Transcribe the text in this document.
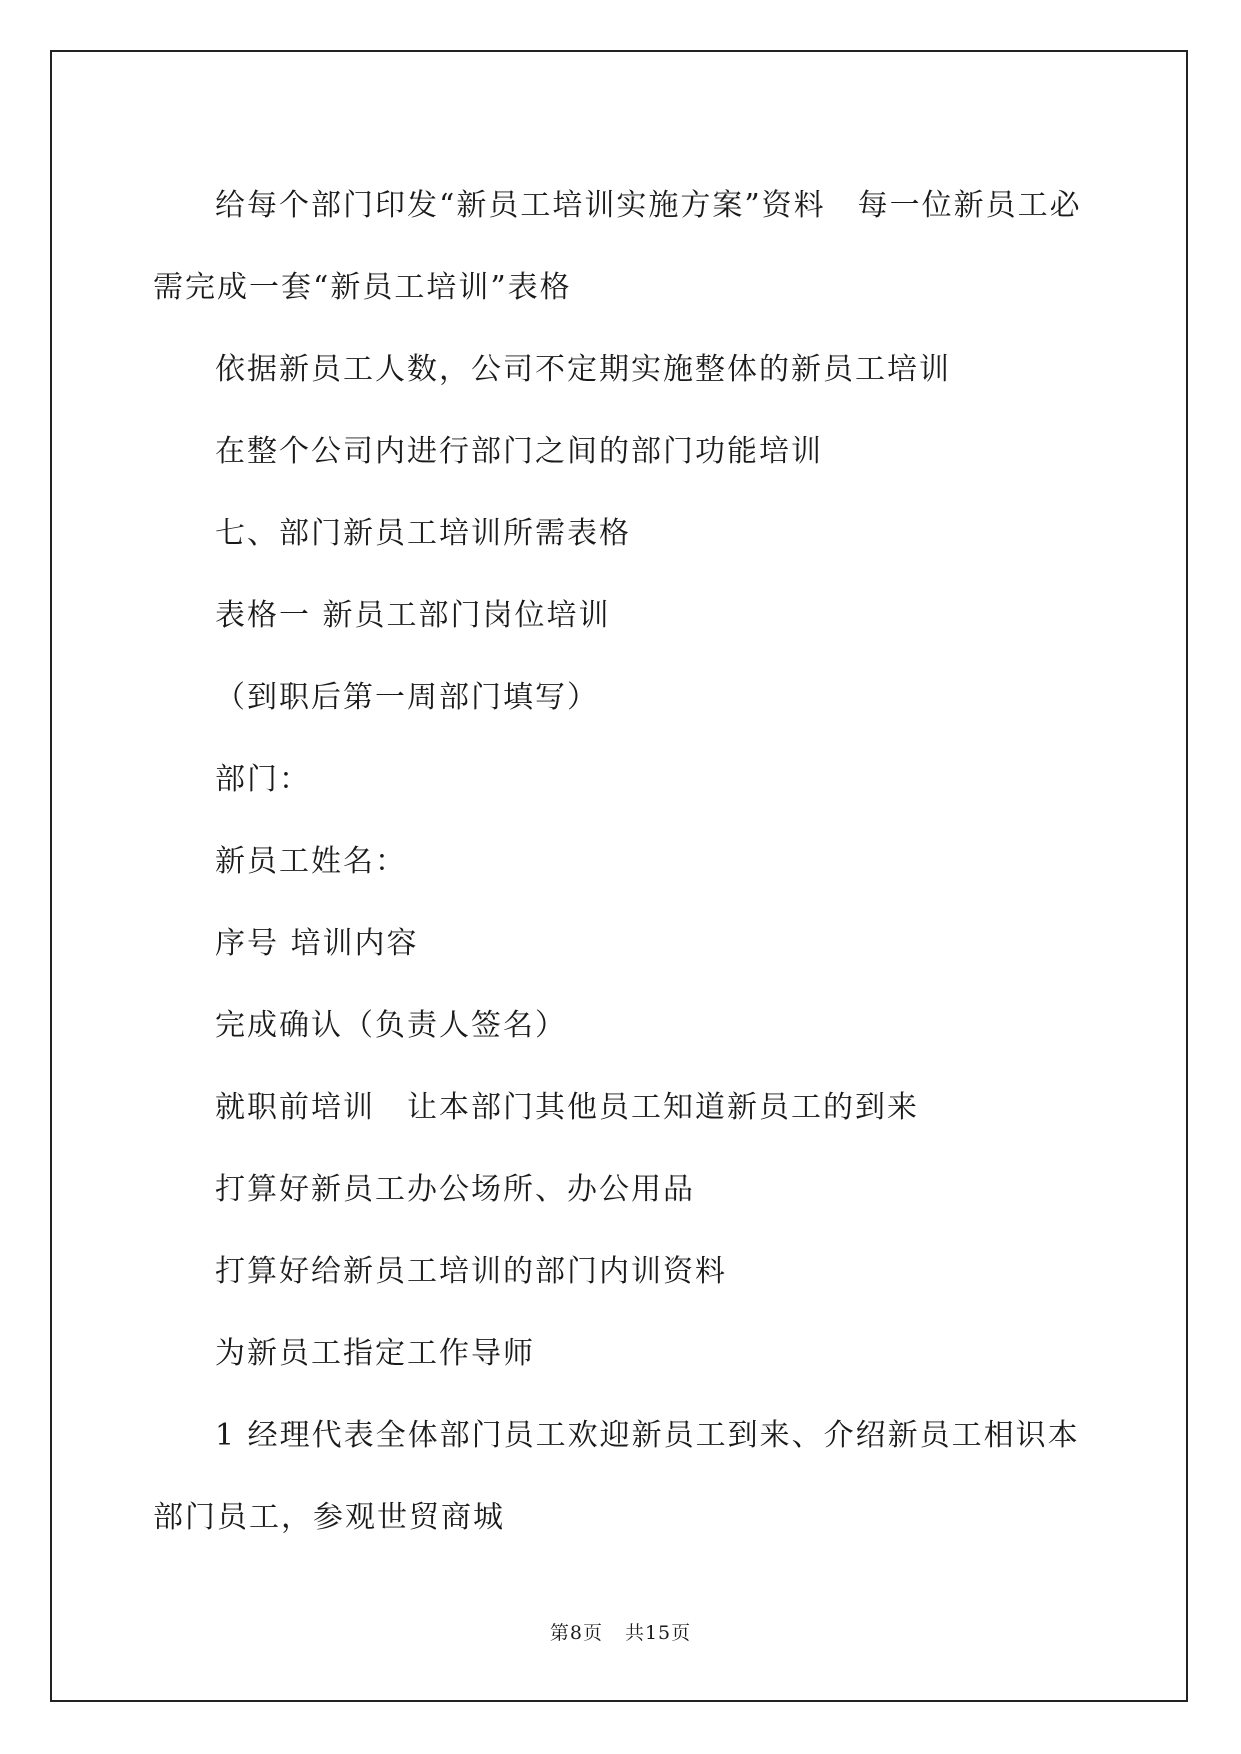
给每个部门印发“新员工培训实施方案”资料　每一位新员工必需完成一套“新员工培训”表格

依据新员工人数，公司不定期实施整体的新员工培训

在整个公司内进行部门之间的部门功能培训

七、部门新员工培训所需表格

表格一 新员工部门岗位培训

（到职后第一周部门填写）

部门：

新员工姓名：

序号 培训内容

完成确认（负责人签名）

就职前培训　让本部门其他员工知道新员工的到来

打算好新员工办公场所、办公用品

打算好给新员工培训的部门内训资料

为新员工指定工作导师

1 经理代表全体部门员工欢迎新员工到来、介绍新员工相识本部门员工，参观世贸商城

第8页 共15页
